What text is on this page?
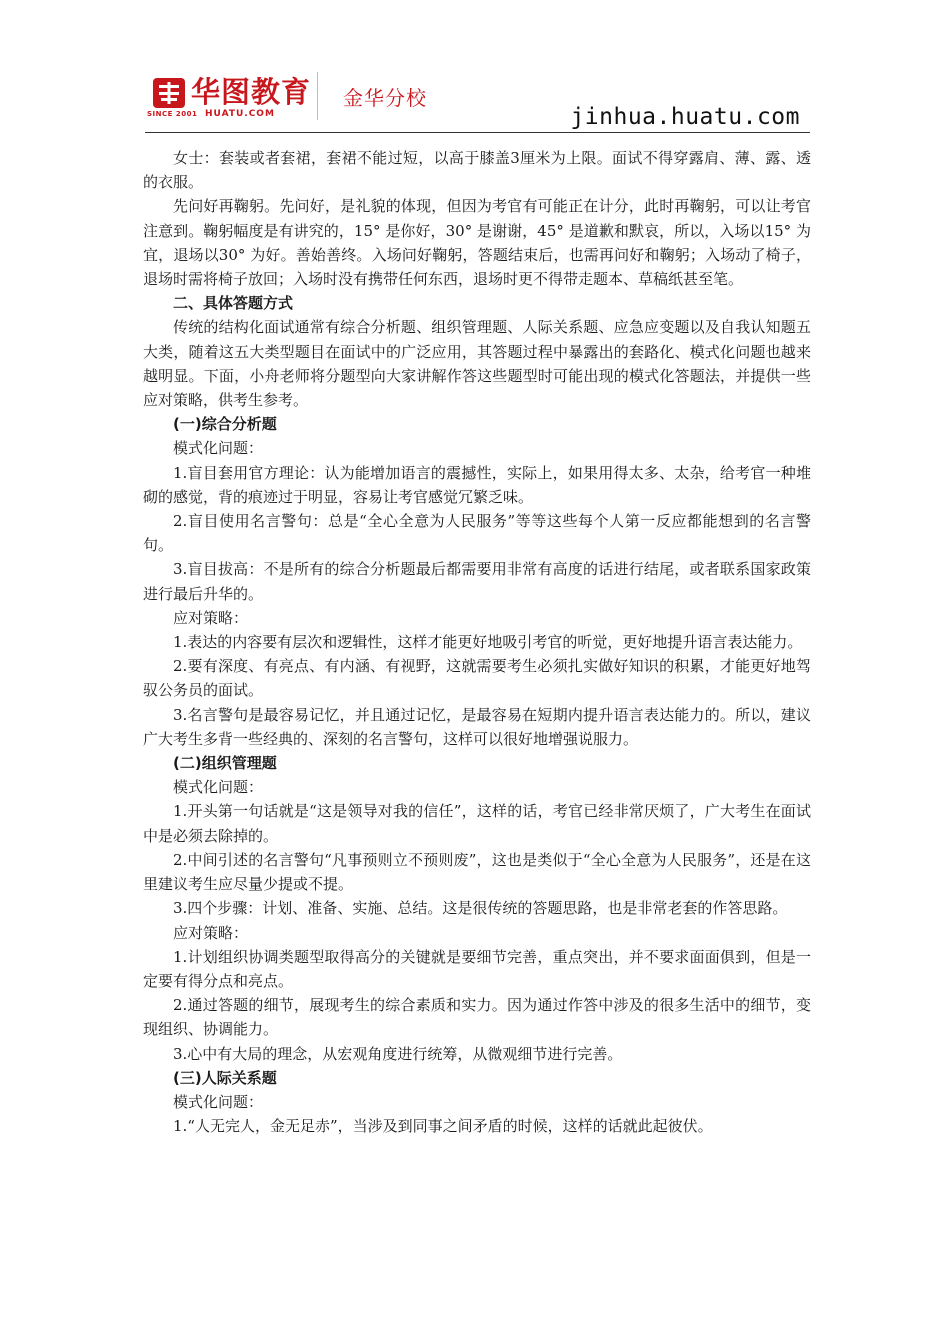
SINCE 2001
华图教育
HUATU.COM
金华分校
jinhua.huatu.com

女士：套装或者套裙，套裙不能过短，以高于膝盖3厘米为上限。面试不得穿露肩、薄、露、透的衣服。

先问好再鞠躬。先问好，是礼貌的体现，但因为考官有可能正在计分，此时再鞠躬，可以让考官注意到。鞠躬幅度是有讲究的，15° 是你好，30° 是谢谢，45° 是道歉和默哀，所以，入场以15° 为宜，退场以30° 为好。善始善终。入场问好鞠躬，答题结束后，也需再问好和鞠躬；入场动了椅子，退场时需将椅子放回；入场时没有携带任何东西，退场时更不得带走题本、草稿纸甚至笔。

二、具体答题方式

传统的结构化面试通常有综合分析题、组织管理题、人际关系题、应急应变题以及自我认知题五大类，随着这五大类型题目在面试中的广泛应用，其答题过程中暴露出的套路化、模式化问题也越来越明显。下面，小舟老师将分题型向大家讲解作答这些题型时可能出现的模式化答题法，并提供一些应对策略，供考生参考。

(一)综合分析题

模式化问题：

1.盲目套用官方理论：认为能增加语言的震撼性，实际上，如果用得太多、太杂，给考官一种堆砌的感觉，背的痕迹过于明显，容易让考官感觉冗繁乏味。

2.盲目使用名言警句：总是“全心全意为人民服务”等等这些每个人第一反应都能想到的名言警句。

3.盲目拔高：不是所有的综合分析题最后都需要用非常有高度的话进行结尾，或者联系国家政策进行最后升华的。

应对策略：

1.表达的内容要有层次和逻辑性，这样才能更好地吸引考官的听觉，更好地提升语言表达能力。

2.要有深度、有亮点、有内涵、有视野，这就需要考生必须扎实做好知识的积累，才能更好地驾驭公务员的面试。

3.名言警句是最容易记忆，并且通过记忆，是最容易在短期内提升语言表达能力的。所以，建议广大考生多背一些经典的、深刻的名言警句，这样可以很好地增强说服力。

(二)组织管理题

模式化问题：

1.开头第一句话就是“这是领导对我的信任”，这样的话，考官已经非常厌烦了，广大考生在面试中是必须去除掉的。

2.中间引述的名言警句“凡事预则立不预则废”，这也是类似于“全心全意为人民服务”，还是在这里建议考生应尽量少提或不提。

3.四个步骤：计划、准备、实施、总结。这是很传统的答题思路，也是非常老套的作答思路。

应对策略：

1.计划组织协调类题型取得高分的关键就是要细节完善，重点突出，并不要求面面俱到，但是一定要有得分点和亮点。

2.通过答题的细节，展现考生的综合素质和实力。因为通过作答中涉及的很多生活中的细节，变现组织、协调能力。

3.心中有大局的理念，从宏观角度进行统筹，从微观细节进行完善。

(三)人际关系题

模式化问题：

1.“人无完人，金无足赤”，当涉及到同事之间矛盾的时候，这样的话就此起彼伏。
